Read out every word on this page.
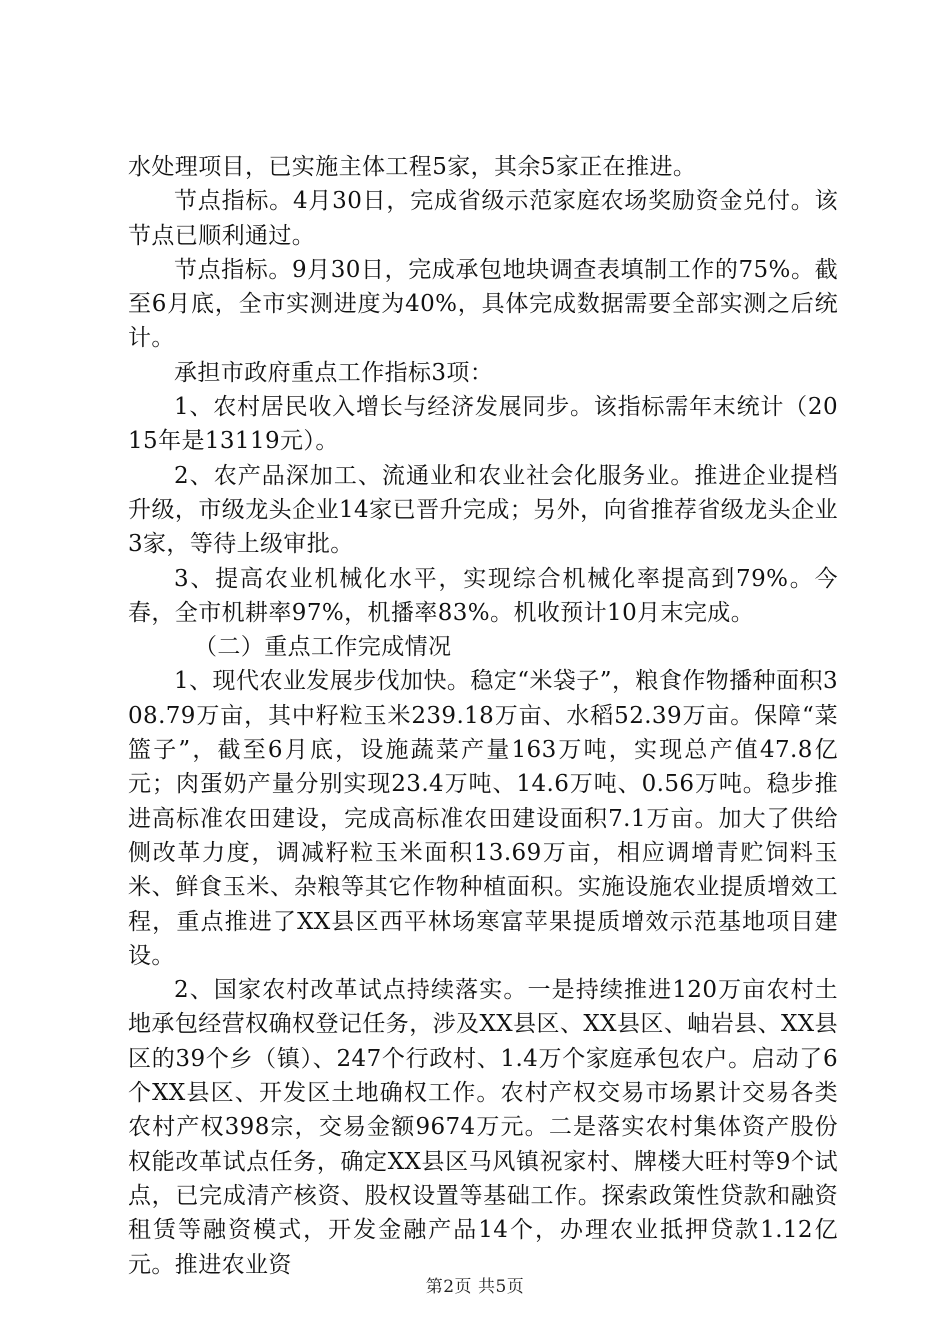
水处理项目，已实施主体工程5家，其余5家正在推进。

节点指标。4月30日，完成省级示范家庭农场奖励资金兑付。该节点已顺利通过。

节点指标。9月30日，完成承包地块调查表填制工作的75%。截至6月底，全市实测进度为40%，具体完成数据需要全部实测之后统计。

承担市政府重点工作指标3项：

1、农村居民收入增长与经济发展同步。该指标需年末统计（2015年是13119元）。

2、农产品深加工、流通业和农业社会化服务业。推进企业提档升级，市级龙头企业14家已晋升完成；另外，向省推荐省级龙头企业3家，等待上级审批。

3、提高农业机械化水平，实现综合机械化率提高到79%。今春，全市机耕率97%，机播率83%。机收预计10月末完成。

（二）重点工作完成情况

1、现代农业发展步伐加快。稳定“米袋子”，粮食作物播种面积308.79万亩，其中籽粒玉米239.18万亩、水稻52.39万亩。保障“菜篮子”，截至6月底，设施蔬菜产量163万吨，实现总产值47.8亿元；肉蛋奶产量分别实现23.4万吨、14.6万吨、0.56万吨。稳步推进高标准农田建设，完成高标准农田建设面积7.1万亩。加大了供给侧改革力度，调减籽粒玉米面积13.69万亩，相应调增青贮饲料玉米、鲜食玉米、杂粮等其它作物种植面积。实施设施农业提质增效工程，重点推进了XX县区西平林场寒富苹果提质增效示范基地项目建设。

2、国家农村改革试点持续落实。一是持续推进120万亩农村土地承包经营权确权登记任务，涉及XX县区、XX县区、岫岩县、XX县区的39个乡（镇）、247个行政村、1.4万个家庭承包农户。启动了6个XX县区、开发区土地确权工作。农村产权交易市场累计交易各类农村产权398宗，交易金额9674万元。二是落实农村集体资产股份权能改革试点任务，确定XX县区马风镇祝家村、牌楼大旺村等9个试点，已完成清产核资、股权设置等基础工作。探索政策性贷款和融资租赁等融资模式，开发金融产品14个，办理农业抵押贷款1.12亿元。推进农业资

第2页 共5页
